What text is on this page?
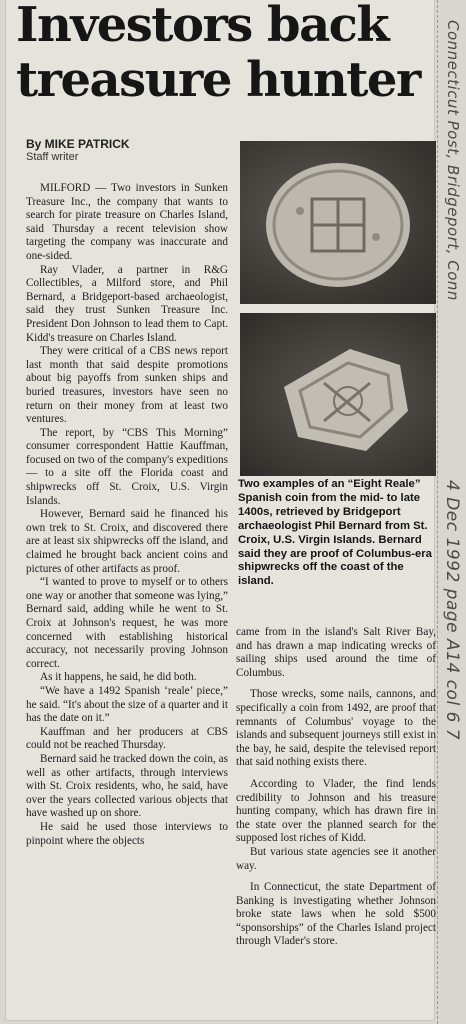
Investors back
treasure hunter
By MIKE PATRICK
Staff writer

MILFORD — Two investors in Sunken Treasure Inc., the company that wants to search for pirate treasure on Charles Island, said Thursday a recent television show targeting the company was inaccurate and one-sided.

Ray Vlader, a partner in R&G Collectibles, a Milford store, and Phil Bernard, a Bridgeport-based archaeologist, said they trust Sunken Treasure Inc. President Don Johnson to lead them to Capt. Kidd's treasure on Charles Island.

They were critical of a CBS news report last month that said despite promotions about big payoffs from sunken ships and buried treasures, investors have seen no return on their money from at least two ventures.

The report, by “CBS This Morning” consumer correspondent Hattie Kauffman, focused on two of the company's expeditions — to a site off the Florida coast and shipwrecks off St. Croix, U.S. Virgin Islands.

However, Bernard said he financed his own trek to St. Croix, and discovered there are at least six shipwrecks off the island, and claimed he brought back ancient coins and pictures of other artifacts as proof.

“I wanted to prove to myself or to others one way or another that someone was lying,” Bernard said, adding while he went to St. Croix at Johnson's request, he was more concerned with establishing historical accuracy, not necessarily proving Johnson correct.

As it happens, he said, he did both.

“We have a 1492 Spanish ‘reale’ piece,” he said. “It's about the size of a quarter and it has the date on it.”

Kauffman and her producers at CBS could not be reached Thursday.

Bernard said he tracked down the coin, as well as other artifacts, through interviews with St. Croix residents, who, he said, have over the years collected various objects that have washed up on shore.

He said he used those interviews to pinpoint where the objects

Two examples of an “Eight Reale” Spanish coin from the mid- to late 1400s, retrieved by Bridgeport archaeologist Phil Bernard from St. Croix, U.S. Virgin Islands. Bernard said they are proof of Columbus-era shipwrecks off the coast of the island.

came from in the island's Salt River Bay, and has drawn a map indicating wrecks of sailing ships used around the time of Columbus.

Those wrecks, some nails, cannons, and specifically a coin from 1492, are proof that remnants of Columbus' voyage to the islands and subsequent journeys still exist in the bay, he said, despite the televised report that said nothing exists there.

According to Vlader, the find lends credibility to Johnson and his treasure hunting company, which has drawn fire in the state over the planned search for the supposed lost riches of Kidd.

But various state agencies see it another way.

In Connecticut, the state Department of Banking is investigating whether Johnson broke state laws when he sold $500 “sponsorships” of the Charles Island project through Vlader's store.

Connecticut Post, Bridgeport, Conn
4 Dec 1992 page A14 col 6 7
